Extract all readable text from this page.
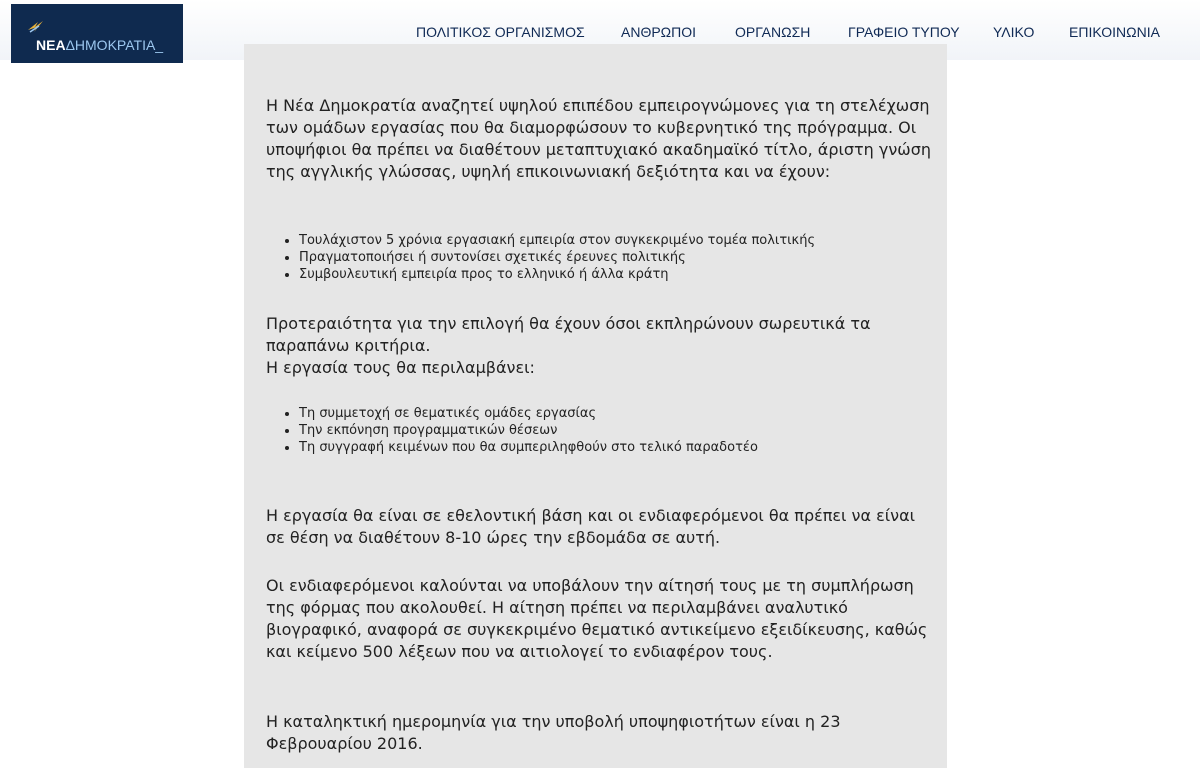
ΝΕΑΔΗΜΟΚΡΑΤΙΑ_
ΠΟΛΙΤΙΚΟΣ ΟΡΓΑΝΙΣΜΟΣ	ΑΝΘΡΩΠΟΙ	ΟΡΓΑΝΩΣΗ	ΓΡΑΦΕΙΟ ΤΥΠΟΥ ΥΛΙΚΟ ΕΠΙΚΟΙΝΩΝΙΑ

Η Νέα Δημοκρατία αναζητεί υψηλού επιπέδου εμπειρογνώμονες για τη στελέχωση των ομάδων εργασίας που θα διαμορφώσουν το κυβερνητικό της πρόγραμμα. Οι υποψήφιοι θα πρέπει να διαθέτουν μεταπτυχιακό ακαδημαϊκό τίτλο, άριστη γνώση της αγγλικής γλώσσας, υψηλή επικοινωνιακή δεξιότητα και να έχουν:

• Τουλάχιστον 5 χρόνια εργασιακή εμπειρία στον συγκεκριμένο τομέα πολιτικής
• Πραγματοποιήσει ή συντονίσει σχετικές έρευνες πολιτικής
• Συμβουλευτική εμπειρία προς το ελληνικό ή άλλα κράτη

Προτεραιότητα για την επιλογή θα έχουν όσοι εκπληρώνουν σωρευτικά τα παραπάνω κριτήρια.

Η εργασία τους θα περιλαμβάνει:

• Τη συμμετοχή σε θεματικές ομάδες εργασίας
• Την εκπόνηση προγραμματικών θέσεων
• Τη συγγραφή κειμένων που θα συμπεριληφθούν στο τελικό παραδοτέο

Η εργασία θα είναι σε εθελοντική βάση και οι ενδιαφερόμενοι θα πρέπει να είναι σε θέση να διαθέτουν 8-10 ώρες την εβδομάδα σε αυτή.

Οι ενδιαφερόμενοι καλούνται να υποβάλουν την αίτησή τους με τη συμπλήρωση της φόρμας που ακολουθεί. Η αίτηση πρέπει να περιλαμβάνει αναλυτικό βιογραφικό, αναφορά σε συγκεκριμένο θεματικό αντικείμενο εξειδίκευσης, καθώς και κείμενο 500 λέξεων που να αιτιολογεί το ενδιαφέρον τους.

Η καταληκτική ημερομηνία για την υποβολή υποψηφιοτήτων είναι η 23 Φεβρουαρίου 2016.
